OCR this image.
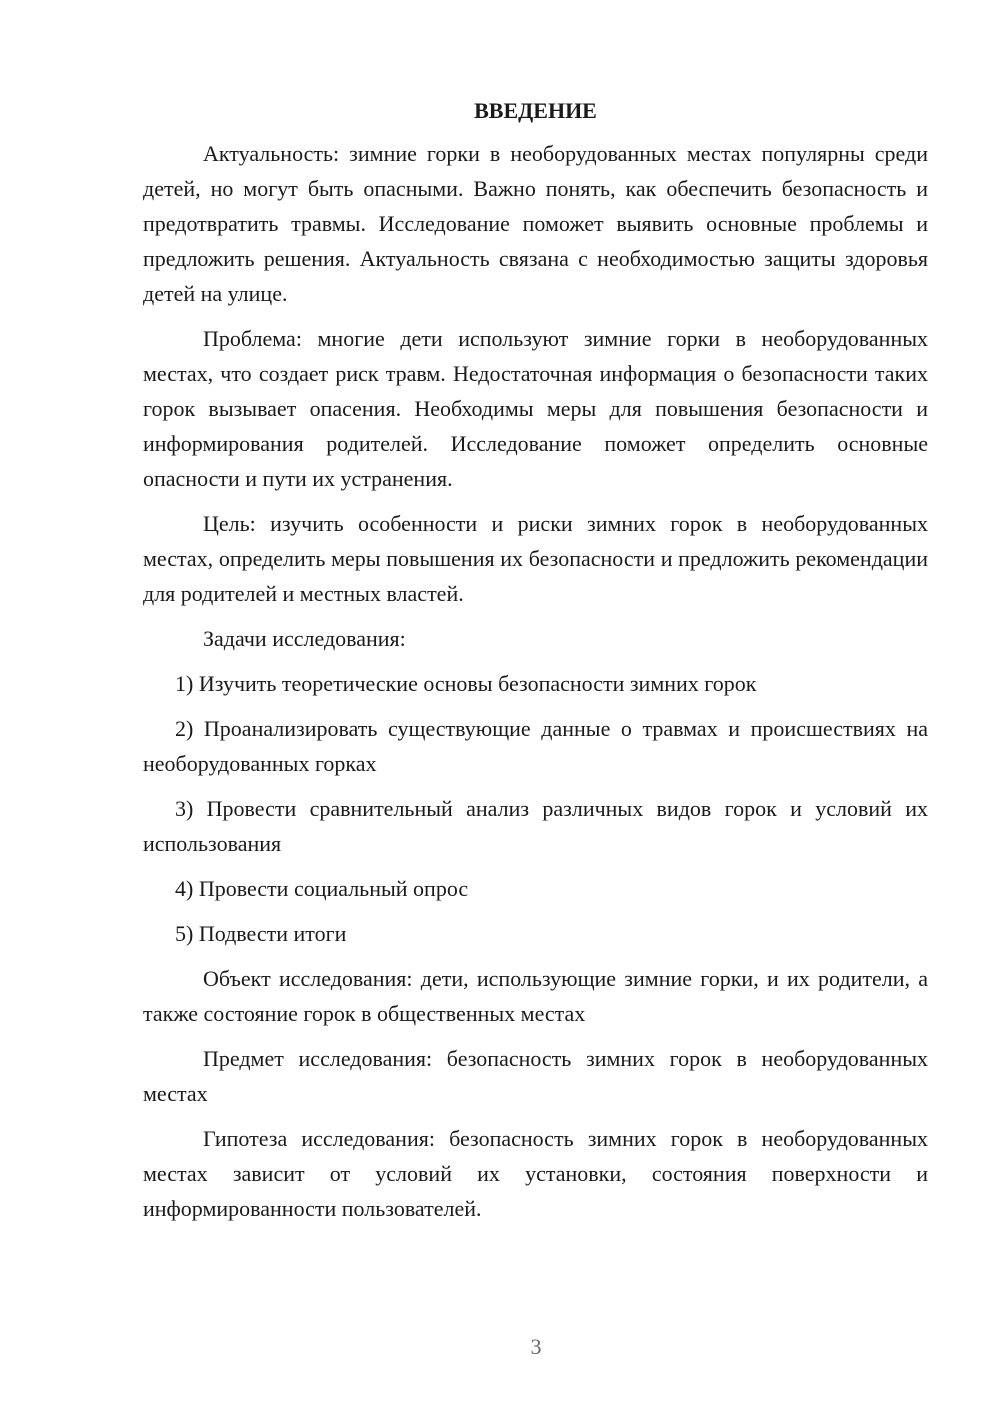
ВВЕДЕНИЕ

Актуальность: зимние горки в необорудованных местах популярны среди детей, но могут быть опасными. Важно понять, как обеспечить безопасность и предотвратить травмы. Исследование поможет выявить основные проблемы и предложить решения. Актуальность связана с необходимостью защиты здоровья детей на улице.

Проблема: многие дети используют зимние горки в необорудованных местах, что создает риск травм. Недостаточная информация о безопасности таких горок вызывает опасения. Необходимы меры для повышения безопасности и информирования родителей. Исследование поможет определить основные опасности и пути их устранения.

Цель: изучить особенности и риски зимних горок в необорудованных местах, определить меры повышения их безопасности и предложить рекомендации для родителей и местных властей.

Задачи исследования:

1) Изучить теоретические основы безопасности зимних горок

2) Проанализировать существующие данные о травмах и происшествиях на необорудованных горках

3) Провести сравнительный анализ различных видов горок и условий их использования

4) Провести социальный опрос

5) Подвести итоги

Объект исследования: дети, использующие зимние горки, и их родители, а также состояние горок в общественных местах

Предмет исследования: безопасность зимних горок в необорудованных местах

Гипотеза исследования: безопасность зимних горок в необорудованных местах зависит от условий их установки, состояния поверхности и информированности пользователей.

3
